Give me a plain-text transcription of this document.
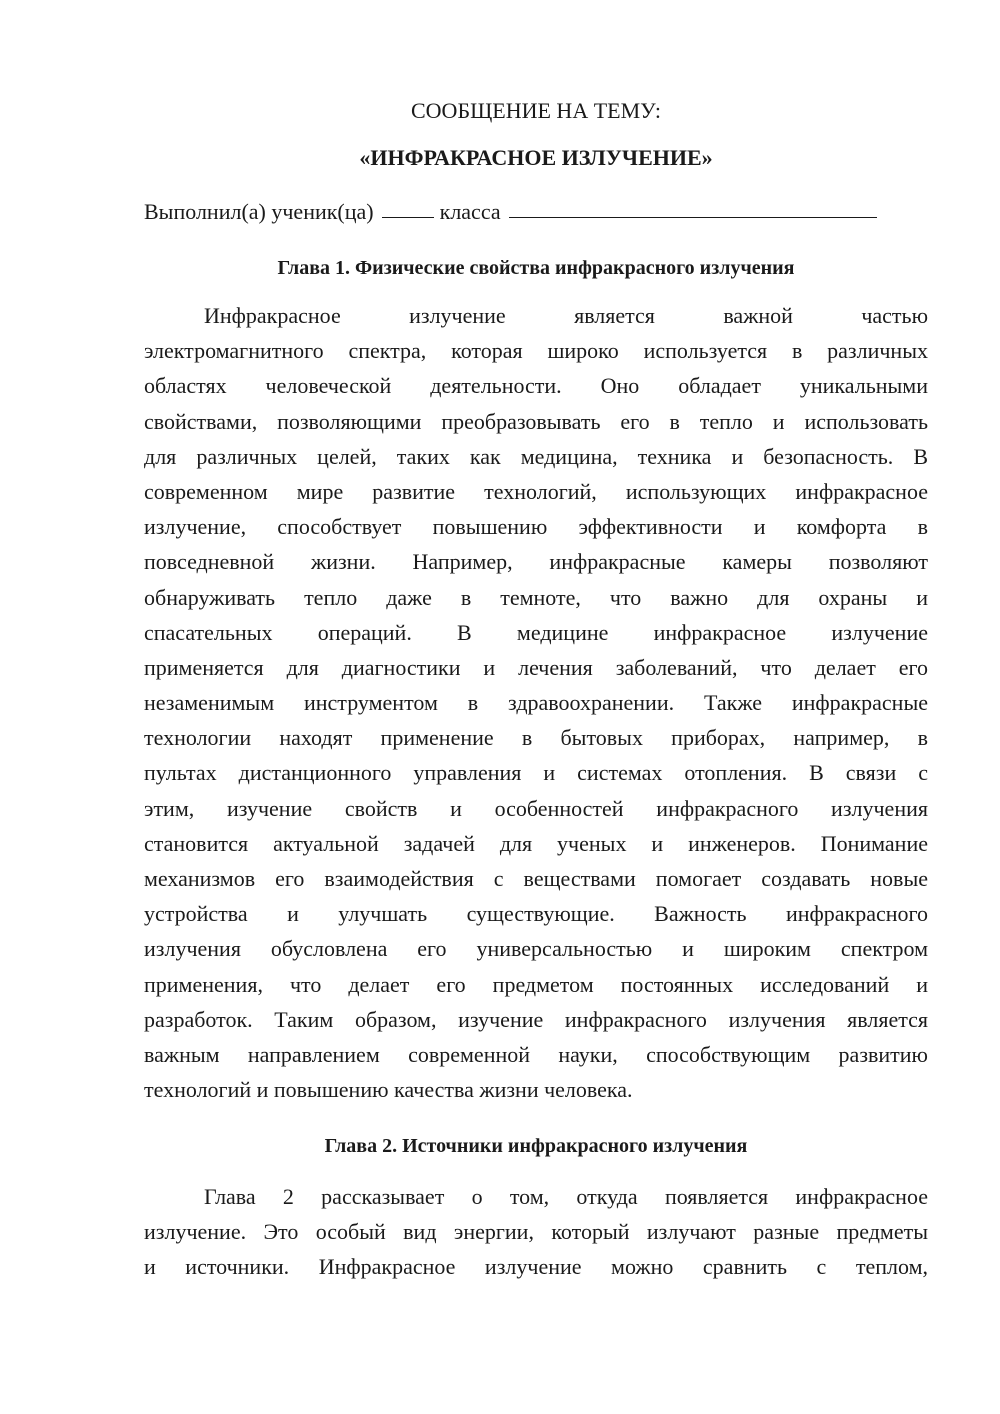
СООБЩЕНИЕ НА ТЕМУ:
«ИНФРАКРАСНОЕ ИЗЛУЧЕНИЕ»
Выполнил(а) ученик(ца)	класса
Глава 1. Физические свойства инфракрасного излучения
Инфракрасное излучение является важной частью
электромагнитного спектра, которая широко используется в различных
областях человеческой деятельности. Оно обладает уникальными
свойствами, позволяющими преобразовывать его в тепло и использовать
для различных целей, таких как медицина, техника и безопасность. В
современном мире развитие технологий, использующих инфракрасное
излучение, способствует повышению эффективности и комфорта в
повседневной жизни. Например, инфракрасные камеры позволяют
обнаруживать тепло даже в темноте, что важно для охраны и
спасательных операций. В медицине инфракрасное излучение
применяется для диагностики и лечения заболеваний, что делает его
незаменимым инструментом в здравоохранении. Также инфракрасные
технологии находят применение в бытовых приборах, например, в
пультах дистанционного управления и системах отопления. В связи с
этим, изучение свойств и особенностей инфракрасного излучения
становится актуальной задачей для ученых и инженеров. Понимание
механизмов его взаимодействия с веществами помогает создавать новые
устройства и улучшать существующие. Важность инфракрасного
излучения обусловлена его универсальностью и широким спектром
применения, что делает его предметом постоянных исследований и
разработок. Таким образом, изучение инфракрасного излучения является
важным направлением современной науки, способствующим развитию
технологий и повышению качества жизни человека.
Глава 2. Источники инфракрасного излучения
Глава 2 рассказывает о том, откуда появляется инфракрасное
излучение. Это особый вид энергии, который излучают разные предметы
и источники. Инфракрасное излучение можно сравнить с теплом,
